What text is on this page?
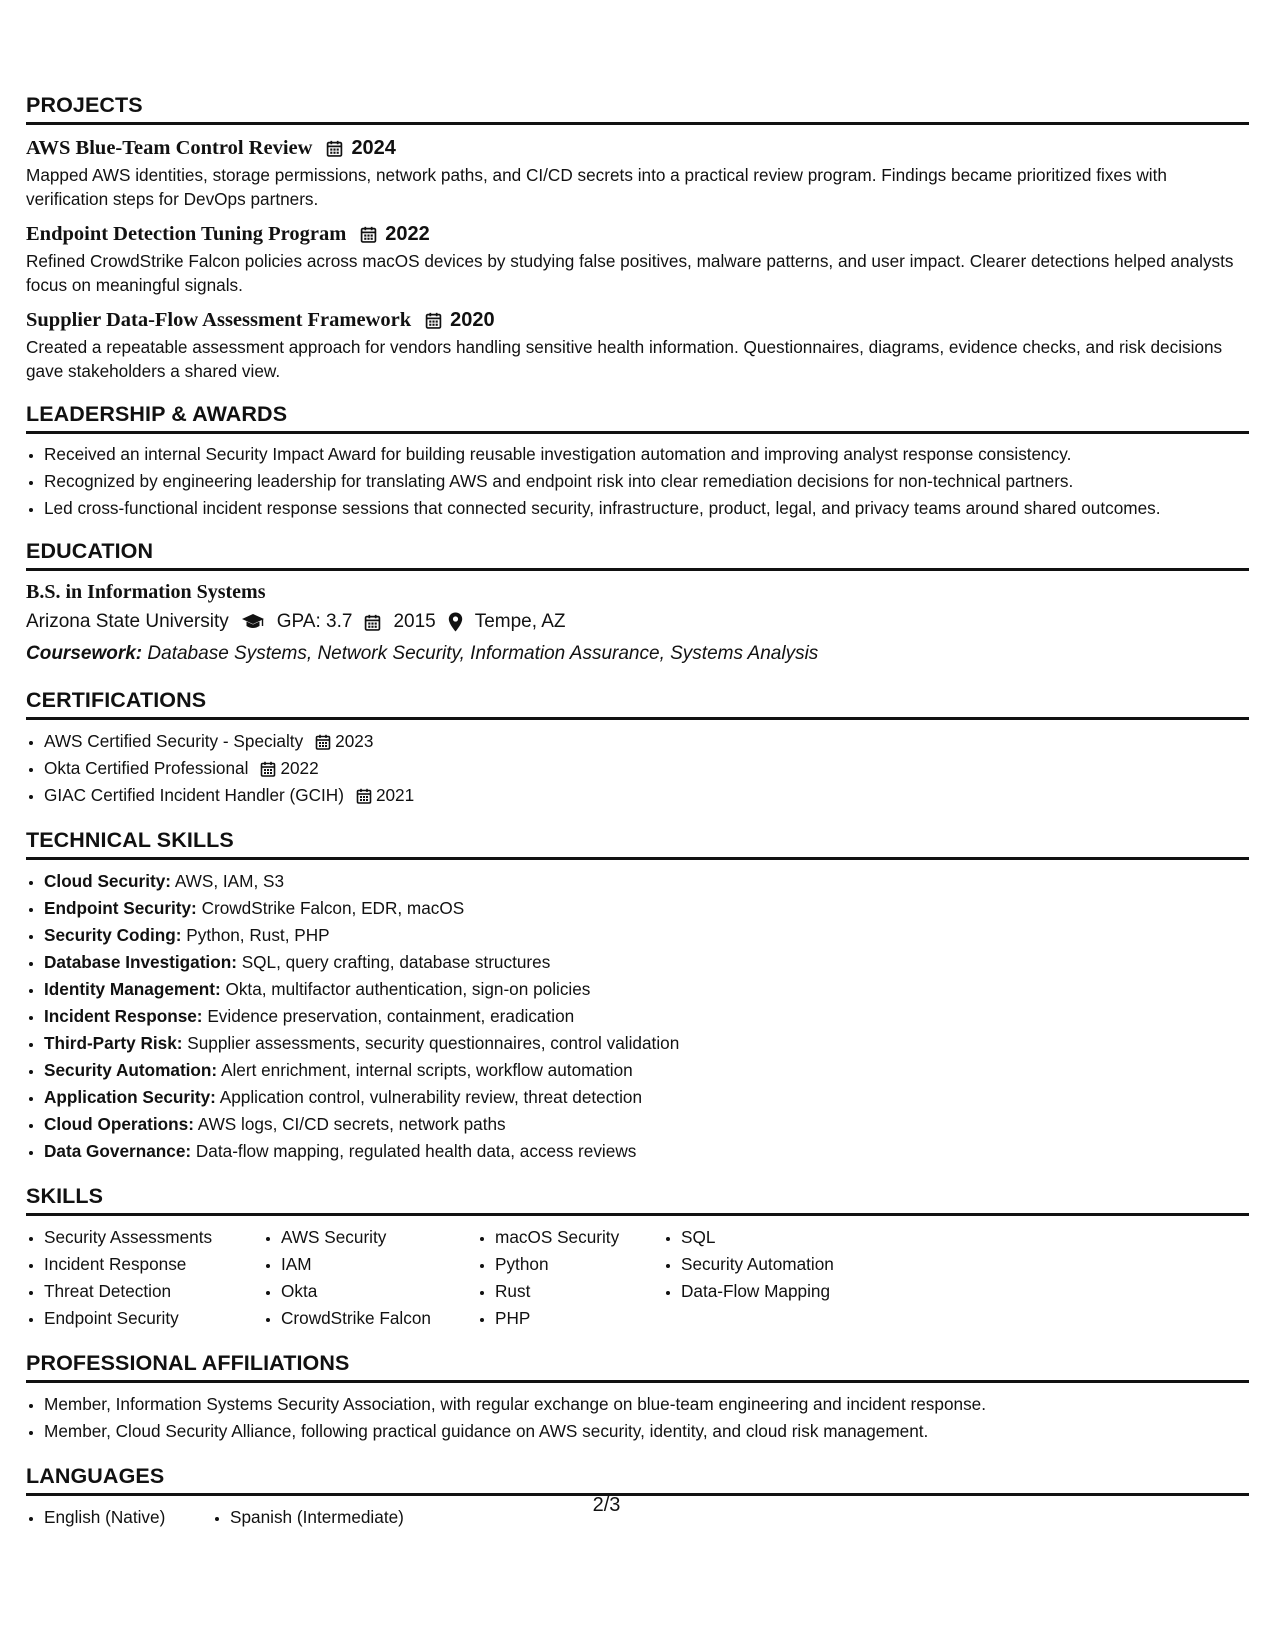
PROJECTS
AWS Blue-Team Control Review 2024

Mapped AWS identities, storage permissions, network paths, and CI/CD secrets into a practical review program. Findings became prioritized fixes with verification steps for DevOps partners.

Endpoint Detection Tuning Program 2022

Refined CrowdStrike Falcon policies across macOS devices by studying false positives, malware patterns, and user impact. Clearer detections helped analysts focus on meaningful signals.

Supplier Data-Flow Assessment Framework 2020

Created a repeatable assessment approach for vendors handling sensitive health information. Questionnaires, diagrams, evidence checks, and risk decisions gave stakeholders a shared view.

LEADERSHIP & AWARDS
• Received an internal Security Impact Award for building reusable investigation automation and improving analyst response consistency.
• Recognized by engineering leadership for translating AWS and endpoint risk into clear remediation decisions for non-technical partners.
• Led cross-functional incident response sessions that connected security, infrastructure, product, legal, and privacy teams around shared outcomes.
EDUCATION
B.S. in Information Systems
Arizona State University	GPA: 3.7 2015 Tempe, AZ
Coursework: Database Systems, Network Security, Information Assurance, Systems Analysis
CERTIFICATIONS
• AWS Certified Security - Specialty 2023
• Okta Certified Professional 2022
• GIAC Certified Incident Handler (GCIH) 2021
TECHNICAL SKILLS
• Cloud Security: AWS, IAM, S3
• Endpoint Security: CrowdStrike Falcon, EDR, macOS
• Security Coding: Python, Rust, PHP
• Database Investigation: SQL, query crafting, database structures
• Identity Management: Okta, multifactor authentication, sign-on policies
• Incident Response: Evidence preservation, containment, eradication
• Third-Party Risk: Supplier assessments, security questionnaires, control validation
• Security Automation: Alert enrichment, internal scripts, workflow automation
• Application Security: Application control, vulnerability review, threat detection
• Cloud Operations: AWS logs, CI/CD secrets, network paths
• Data Governance: Data-flow mapping, regulated health data, access reviews
SKILLS
• Security Assessments
• Incident Response
• Threat Detection
• Endpoint Security
• AWS Security
• IAM
• Okta
• CrowdStrike Falcon
• macOS Security
• Python
• Rust
• PHP
• SQL
• Security Automation
• Data-Flow Mapping
PROFESSIONAL AFFILIATIONS
• Member, Information Systems Security Association, with regular exchange on blue-team engineering and incident response.
• Member, Cloud Security Alliance, following practical guidance on AWS security, identity, and cloud risk management.
LANGUAGES
• English (Native)
•	Spanish (Intermediate)
2/3
